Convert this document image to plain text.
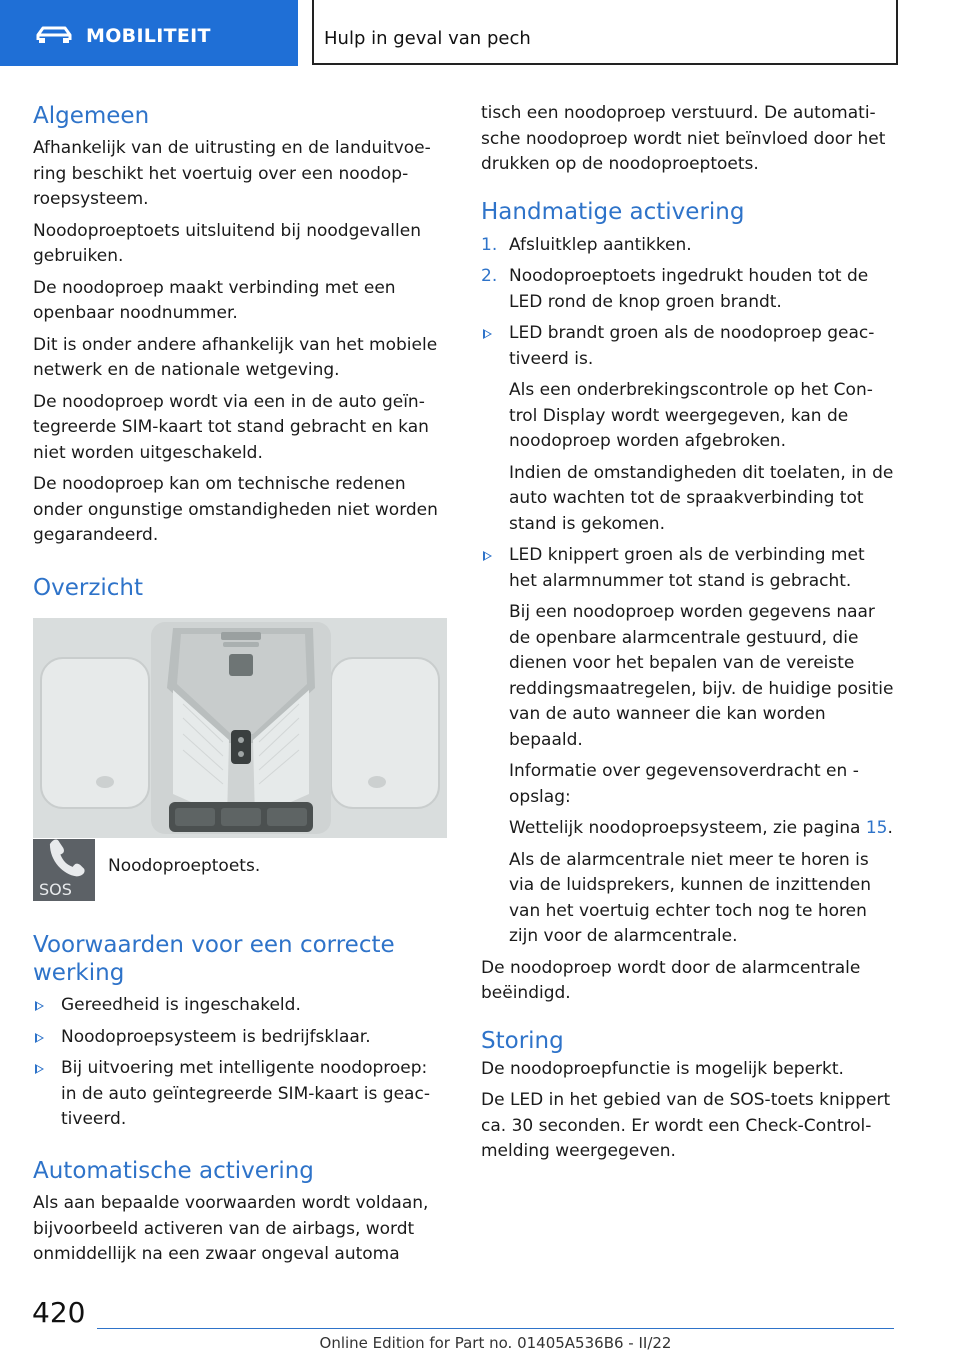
MOBILITEIT	Hulp in geval van pech
Algemeen

Afhankelijk van de uitrusting en de landuitvoering beschikt het voertuig over een noodoproepsysteem.

Noodoproeptoets uitsluitend bij noodgevallen gebruiken.

De noodoproep maakt verbinding met een openbaar noodnummer.

Dit is onder andere afhankelijk van het mobiele netwerk en de nationale wetgeving.

De noodoproep wordt via een in de auto geïntegreerde SIM-kaart tot stand gebracht en kan niet worden uitgeschakeld.

De noodoproep kan om technische redenen onder ongunstige omstandigheden niet worden gegarandeerd.

Overzicht
SOS
Noodoproeptoets.
Voorwaarden voor een correcte werking
Gereedheid is ingeschakeld.
Noodoproepsysteem is bedrijfsklaar.
Bij uitvoering met intelligente noodoproep: in de auto geïntegreerde SIM-kaart is geactiveerd.
Automatische activering

Als aan bepaalde voorwaarden wordt voldaan, bijvoorbeeld activeren van de airbags, wordt onmiddellijk na een zwaar ongeval automa

tisch een noodoproep verstuurd. De automatische noodoproep wordt niet beïnvloed door het drukken op de noodoproeptoets.

Handmatige activering
1. Afsluitklep aantikken.
2. Noodoproeptoets ingedrukt houden tot de LED rond de knop groen brandt.
LED brandt groen als de noodoproep geactiveerd is.

Als een onderbrekingscontrole op het Control Display wordt weergegeven, kan de noodoproep worden afgebroken.

Indien de omstandigheden dit toelaten, in de auto wachten tot de spraakverbinding tot stand is gekomen.

LED knippert groen als de verbinding met het alarmnummer tot stand is gebracht.

Bij een noodoproep worden gegevens naar de openbare alarmcentrale gestuurd, die dienen voor het bepalen van de vereiste reddingsmaatregelen, bijv. de huidige positie van de auto wanneer die kan worden bepaald.

Informatie over gegevensoverdracht en -opslag:

Wettelijk noodoproepsysteem, zie pagina 15.

Als de alarmcentrale niet meer te horen is via de luidsprekers, kunnen de inzittenden van het voertuig echter toch nog te horen zijn voor de alarmcentrale.

De noodoproep wordt door de alarmcentrale beëindigd.

Storing

De noodoproepfunctie is mogelijk beperkt.

De LED in het gebied van de SOS-toets knippert ca. 30 seconden. Er wordt een Check-Control-melding weergegeven.

420
Online Edition for Part no. 01405A536B6 - II/22
